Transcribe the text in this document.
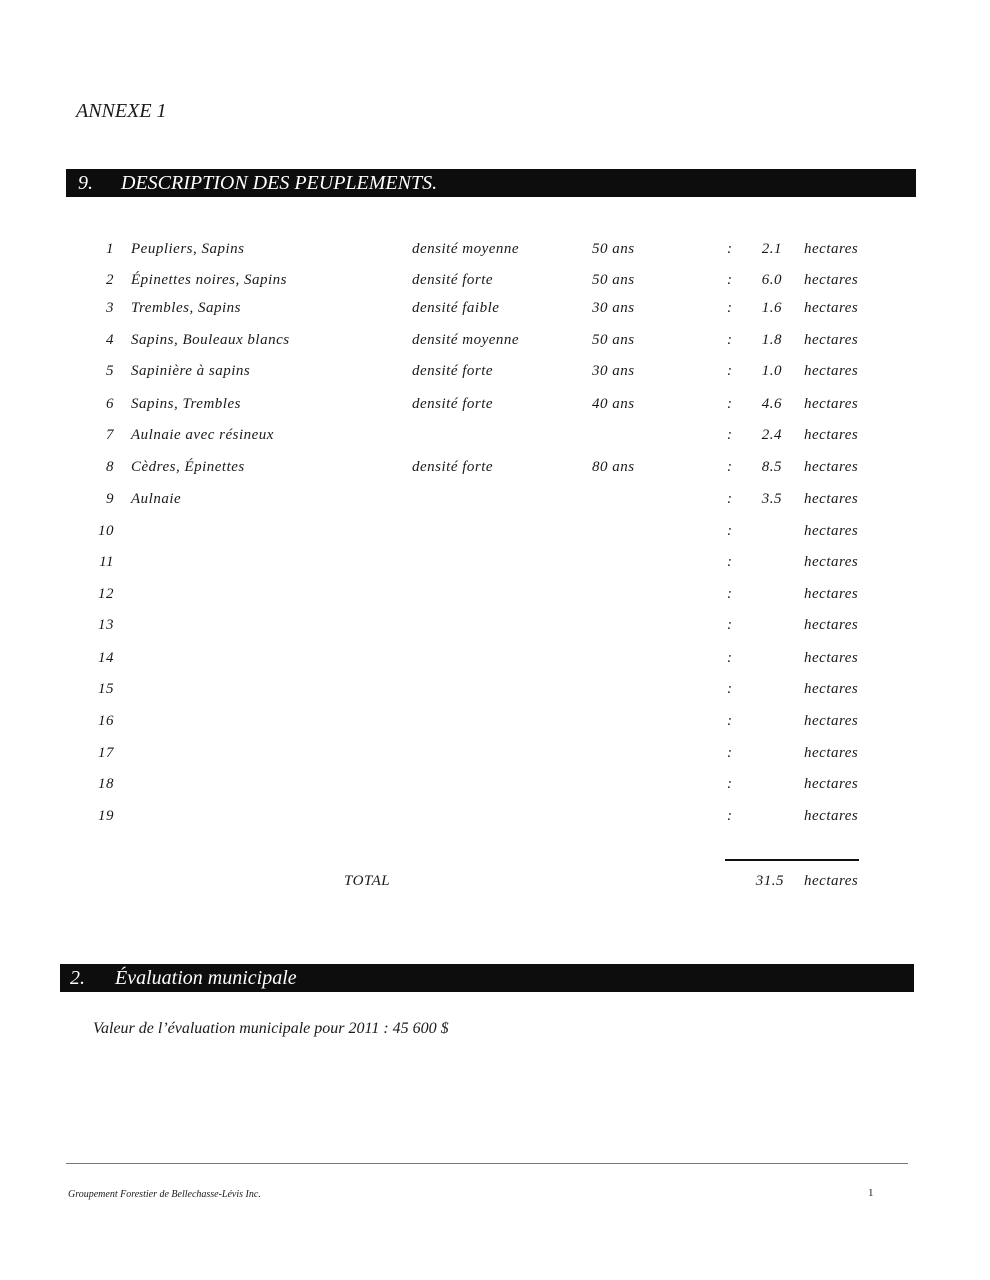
ANNEXE 1
9. DESCRIPTION DES PEUPLEMENTS.
1 Peupliers, Sapins	densité moyenne	50 ans	:	2.1 hectares
2 Épinettes noires, Sapins	densité forte	50 ans	:	6.0 hectares
3 Trembles, Sapins	densité faible	30 ans	:	1.6 hectares
4 Sapins, Bouleaux blancs	densité moyenne	50 ans	:	1.8 hectares
5 Sapinière à sapins	densité forte	30 ans	:	1.0 hectares
6 Sapins, Trembles	densité forte	40 ans	:	4.6 hectares
7 Aulnaie avec résineux	:	2.4 hectares
8 Cèdres, Épinettes	densité forte	80 ans	:	8.5 hectares
9 Aulnaie	:	3.5 hectares
10	:	hectares
11	:	hectares
12	:	hectares
13	:	hectares
14	:	hectares
15	:	hectares
16	:	hectares
17	:	hectares
18	:	hectares
19	:	hectares
TOTAL	31.5 hectares
2. Évaluation municipale
Valeur de l’évaluation municipale pour 2011 : 45 600 $
Groupement Forestier de Bellechasse-Lévis Inc.	1
